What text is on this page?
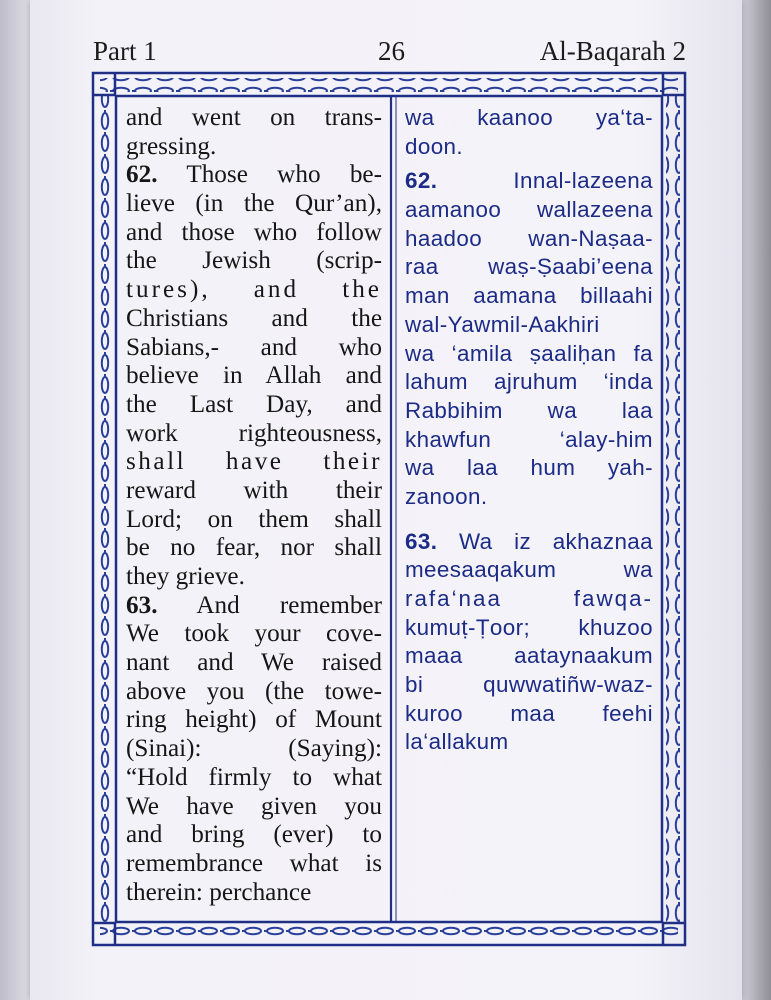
Part 1	26	Al-Baqarah 2
and went on trans-
gressing.
62. Those who be-
lieve (in the Qur’an),
and those who follow
the Jewish (scrip-
tures), and the
Christians and the
Sabians,- and who
believe in Allah and
the Last Day, and
work righteousness,
shall have their
reward with their
Lord; on them shall
be no fear, nor shall
they grieve.
63. And remember
We took your cove-
nant and We raised
above you (the towe-
ring height) of Mount
(Sinai): (Saying):
“Hold firmly to what
We have given you
and bring (ever) to
remembrance what is
therein: perchance
wa kaanoo ya‘ta-
doon.
62.	Innal-lazeena
aamanoo wallazeena
haadoo wan-Naṣaa-
raa waṣ-Ṣaabi’eena
man aamana billaahi
wal-Yawmil-Aakhiri
wa ‘amila ṣaaliḥan fa
lahum ajruhum ‘inda
Rabbihim wa laa
khawfun ‘alay-him
wa laa hum yah-
zanoon.
63. Wa iz akhaznaa
meesaaqakum wa
rafa‘naa fawqa-
kumuṭ-Ṭoor; khuzoo
maaa aataynaakum
bi quwwatiñw-waz-
kuroo maa feehi
la‘allakum
